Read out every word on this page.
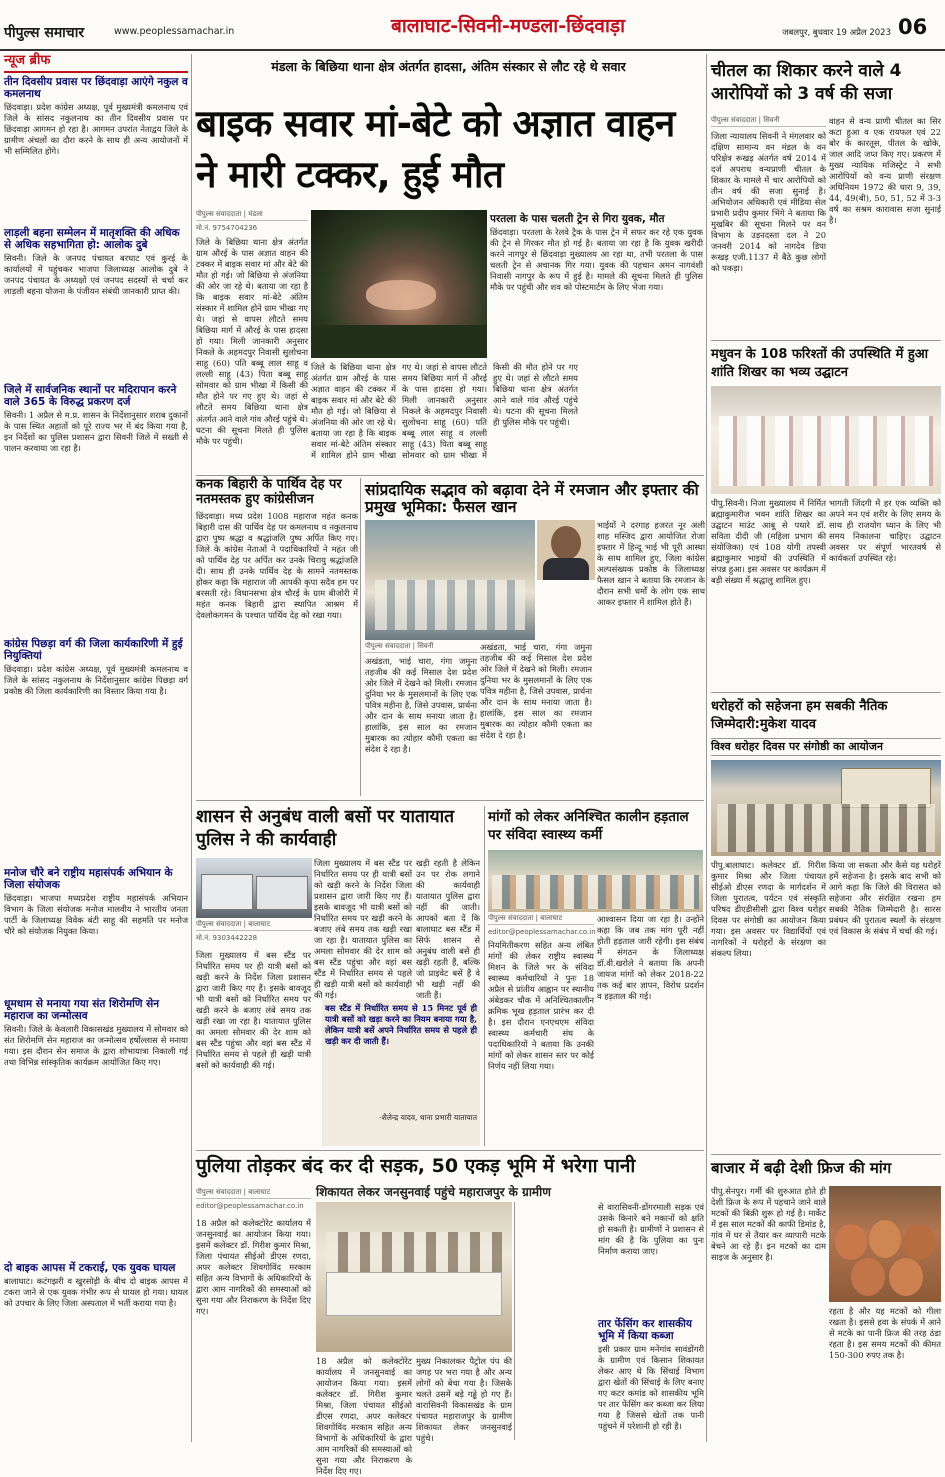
पीपुल्स समाचार	www.peoplessamachar.in	बालाघाट-सिवनी-मण्डला-छिंदवाड़ा	जबलपुर, बुधवार 19 अप्रैल 2023 06
न्यूज ब्रीफ
तीन दिवसीय प्रवास पर छिंदवाड़ा आएंगे नकुल व कमलनाथ
छिंदवाड़ा। प्रदेश कांग्रेस अध्यक्ष, पूर्व मुख्यमंत्री कमलनाथ एवं जिले के सांसद नकुलनाथ का तीन दिवसीय प्रवास पर छिंदवाड़ा आगमन हो रहा है। आगमन उपरांत नेताद्वय जिले के ग्रामीण अंचलों का दौरा करने के साथ ही अन्य आयोजनों में भी सम्मिलित होंगे।
लाड़ली बहना सम्मेलन में मातृशक्ति की अधिक से अधिक सहभागिता हो: आलोक दुबे
सिवनी। जिले के जनपद पंचायत बरघाट एवं कुरई के कार्यालयों में पहुंचकर भाजपा जिलाध्यक्ष आलोक दुबे ने जनपद पंचायत के अध्यक्षों एवं जनपद सदस्यों से चर्चा कर लाड़ली बहना योजना के पंजीयन संबंधी जानकारी प्राप्त की।
जिले में सार्वजनिक स्थानों पर मदिरापान करने वाले 365 के विरुद्ध प्रकरण दर्ज
सिवनी। 1 अप्रैल से म.प्र. शासन के निर्देशानुसार शराब दुकानों के पास स्थित अहातों को पूरे राज्य भर में बंद किया गया है, इन निर्देशों का पुलिस प्रशासन द्वारा सिवनी जिले में सख्ती से पालन करवाया जा रहा है।
कांग्रेस पिछड़ा वर्ग की जिला कार्यकारिणी में हुई नियुक्तियां
छिंदवाड़ा। प्रदेश कांग्रेस अध्यक्ष, पूर्व मुख्यमंत्री कमलनाथ व जिले के सांसद नकुलनाथ के निर्देशानुसार कांग्रेस पिछड़ा वर्ग प्रकोष्ठ की जिला कार्यकारिणी का विस्तार किया गया है।
मनोज चौरे बने राष्ट्रीय महासंपर्क अभियान के जिला संयोजक
छिंदवाड़ा। भाजपा मध्यप्रदेश राष्ट्रीय महासंपर्क अभियान विभाग के जिला संयोजक मनोज मालवीय ने भारतीय जनता पार्टी के जिलाध्यक्ष विवेक बंटी साहू की सहमति पर मनोज चौरे को संयोजक नियुक्त किया।
धूमधाम से मनाया गया संत शिरोमणि सेन महाराज का जन्मोत्सव
सिवनी। जिले के केवलारी विकासखंड मुख्यालय में सोमवार को संत शिरोमणि सेन महाराज का जन्मोत्सव हर्षोल्लास से मनाया गया। इस दौरान सेन समाज के द्वारा शोभायात्रा निकाली गई तथा विभिन्न सांस्कृतिक कार्यक्रम आयोजित किए गए।
दो बाइक आपस में टकराई, एक युवक घायल
बालाघाट। कटंगझरी व खुरसोड़ी के बीच दो बाइक आपस में टकरा जाने से एक युवक गंभीर रूप से घायल हो गया। घायल को उपचार के लिए जिला अस्पताल में भर्ती कराया गया है।
मंडला के बिछिया थाना क्षेत्र अंतर्गत हादसा, अंतिम संस्कार से लौट रहे थे सवार
बाइक सवार मां-बेटे को अज्ञात वाहन ने मारी टक्कर, हुई मौत
पीपुल्स संवाददाता | मंडला
मो.नं. 9754704236
जिले के बिछिया थाना क्षेत्र अंतर्गत ग्राम औरई के पास अज्ञात वाहन की टक्कर में बाइक सवार मां और बेटे की मौत हो गई। जो बिछिया से अंजनिया की ओर जा रहे थे। बताया जा रहा है कि बाइक सवार मां-बेटे अंतिम संस्कार में शामिल होने ग्राम भीखा गए थे। जहां से वापस लौटते समय बिछिया मार्ग में औरई के पास हादसा हो गया। मिली जानकारी अनुसार निकले के अहमदपुर निवासी सुलोचना साहू (60) पति बब्बू लाल साहू व लल्ली साहू (43) पिता बब्बू साहू सोमवार को ग्राम भीखा में किसी की मौत होने पर गए हुए थे। जहां से लौटते समय बिछिया थाना क्षेत्र अंतर्गत आने वाले गांव औरई पहुंचे थे। घटना की सूचना मिलते ही पुलिस मौके पर पहुंची।
जिले के बिछिया थाना क्षेत्र अंतर्गत ग्राम औरई के पास अज्ञात वाहन की टक्कर में बाइक सवार मां और बेटे की मौत हो गई। जो बिछिया से अंजनिया की ओर जा रहे थे। बताया जा रहा है कि बाइक सवार मां-बेटे अंतिम संस्कार में शामिल होने ग्राम भीखा गए थे। जहां से वापस लौटते समय बिछिया मार्ग में औरई के पास हादसा हो गया। मिली जानकारी अनुसार निकले के अहमदपुर निवासी सुलोचना साहू (60) पति बब्बू लाल साहू व लल्ली साहू (43) पिता बब्बू साहू सोमवार को ग्राम भीखा में किसी की मौत होने पर गए हुए थे। जहां से लौटते समय बिछिया थाना क्षेत्र अंतर्गत आने वाले गांव औरई पहुंचे थे। घटना की सूचना मिलते ही पुलिस मौके पर पहुंची।
परतला के पास चलती ट्रेन से गिरा युवक, मौत
छिंदवाड़ा। परतला के रेलवे ट्रैक के पास ट्रेन में सफर कर रहे एक युवक की ट्रेन से गिरकर मौत हो गई है। बताया जा रहा है कि युवक खरीदी करने नागपुर से छिंदवाड़ा मुख्यालय आ रहा था, तभी परतला के पास चलती ट्रेन से अचानक गिर गया। युवक की पहचान अमन नागवंशी निवासी नागपुर के रूप में हुई है। मामले की सूचना मिलते ही पुलिस मौके पर पहुंची और शव को पोस्टमार्टम के लिए भेजा गया।
कनक बिहारी के पार्थिव देह पर नतमस्तक हुए कांग्रेसीजन
छिंदवाड़ा। मध्य प्रदेश 1008 महाराज महंत कनक बिहारी दास की पार्थिव देह पर कमलनाथ व नकुलनाथ द्वारा पुष्प श्रद्धा व श्रद्धांजलि पुष्प अर्पित किए गए। जिले के कांग्रेस नेताओं ने पदाधिकारियों ने महंत जी को पार्थिव देह पर अर्पित कर उनके चिरायु श्रद्धांजलि दी। साथ ही उनके पार्थिव देह के सामने नतमस्तक होकर कहा कि महाराज जी आपकी कृपा सदैव हम पर बरसती रहे। विधानसभा क्षेत्र चौरई के ग्राम बीजोरी में महंत कनक बिहारी द्वारा स्थापित आश्रम में देवलोकगमन के पश्चात पार्थिव देह को रखा गया।
सांप्रदायिक सद्भाव को बढ़ावा देने में रमजान और इफ्तार की प्रमुख भूमिका: फैसल खान
पीपुल्स संवाददाता | सिवनी
अखंडता, भाई चारा, गंगा जमुना तहजीब की कई मिसाल देश प्रदेश ओर जिले में देखने को मिली। रमजान दुनिया भर के मुसलमानों के लिए एक पवित्र महीना है, जिसे उपवास, प्रार्थना और दान के साथ मनाया जाता है। हालांकि, इस साल का रमजान मुबारक का त्योहार कौमी एकता का संदेश दे रहा है।
अखंडता, भाई चारा, गंगा जमुना तहजीब की कई मिसाल देश प्रदेश ओर जिले में देखने को मिली। रमजान दुनिया भर के मुसलमानों के लिए एक पवित्र महीना है, जिसे उपवास, प्रार्थना और दान के साथ मनाया जाता है। हालांकि, इस साल का रमजान मुबारक का त्योहार कौमी एकता का संदेश दे रहा है।
भाईयों ने दरगाह हजरत नूर अली शाह मस्जिद द्वारा आयोजित रोजा इफ्तार में हिन्दू भाई भी पूरी आस्था के साथ शामिल हुए, जिला कांग्रेस अल्पसंख्यक प्रकोष्ठ के जिलाध्यक्ष फैसल खान ने बताया कि रमजान के दौरान सभी धर्मों के लोग एक साथ आकर इफ्तार में शामिल होते हैं।
शासन से अनुबंध वाली बसों पर यातायात पुलिस ने की कार्यवाही
पीपुल्स संवाददाता | बालाघाट
मो.नं. 9303442228
जिला मुख्यालय में बस स्टैंड पर निर्धारित समय पर ही यात्री बसों को खड़ी करने के निर्देश जिला प्रशासन द्वारा जारी किए गए हैं। इसके बावजूद भी यात्री बसों को निर्धारित समय पर खड़ी करने के बजाए लंबे समय तक खड़ी रखा जा रहा है। यातायात पुलिस का अमला सोमवार की देर शाम को बस स्टैंड पहुंचा और वहां बस स्टैंड में निर्धारित समय से पहले ही खड़ी यात्री बसों को कार्यवाही की गई।
जिला मुख्यालय में बस स्टैंड पर निर्धारित समय पर ही यात्री बसों को खड़ी करने के निर्देश जिला प्रशासन द्वारा जारी किए गए हैं। इसके बावजूद भी यात्री बसों को निर्धारित समय पर खड़ी करने के बजाए लंबे समय तक खड़ी रखा जा रहा है। यातायात पुलिस का अमला सोमवार की देर शाम को बस स्टैंड पहुंचा और वहां बस स्टैंड में निर्धारित समय से पहले ही खड़ी यात्री बसों को कार्यवाही की गई।
खड़ी रहती है लेकिन उन पर रोक लगाने की कार्यवाही यातायात पुलिस द्वारा नहीं की जाती। आपको बता दें कि बालाघाट बस स्टैंड में सिर्फ शासन से अनुबंध वाली बसें ही खड़ी रहती हैं, बल्कि जो प्राइवेट बसें हैं वे भी खड़ी नहीं की जाती हैं।
बस स्टैंड में निर्धारित समय से 15 मिनट पूर्व ही यात्री बसों को खड़ा करने का नियम बनाया गया है, लेकिन यात्री बसें अपने निर्धारित समय से पहले ही खड़ी कर दी जाती हैं।
-शैलेन्द्र यादव, थाना प्रभारी यातायात
मांगों को लेकर अनिश्चित कालीन हड़ताल पर संविदा स्वास्थ्य कर्मी
पीपुल्स संवाददाता | बालाघाट
editor@peoplessamachar.co.in
नियमितीकरण सहित अन्य लंबित मांगों की लेकर राष्ट्रीय स्वास्थ्य मिशन के जिले भर के संविदा स्वास्थ्य कर्मचारियों ने पुनः 18 अप्रैल से प्रांतीय आह्वान पर स्थानीय अंबेडकर चौक में अनिश्चितकालीन क्रमिक भूख हड़ताल प्रारंभ कर दी है। इस दौरान एनएचएम संविदा स्वास्थ्य कर्मचारी संघ के पदाधिकारियों ने बताया कि उनकी मांगों को लेकर शासन स्तर पर कोई निर्णय नहीं लिया गया।
आश्वासन दिया जा रहा है। उन्होंने कहा कि जब तक मांग पूरी नहीं होती हड़ताल जारी रहेगी। इस संबंध में संगठन के जिलाध्यक्ष डॉ.वी.खरोले ने बताया कि अपनी जायज मांगों को लेकर 2018-22 तक कई बार ज्ञापन, विरोध प्रदर्शन व हड़ताल की गई।
पुलिया तोड़कर बंद कर दी सड़क, 50 एकड़ भूमि में भरेगा पानी
पीपुल्स संवाददाता | बालाघाट
editor@peoplessamachar.co.in
शिकायत लेकर जनसुनवाई पहुंचे महाराजपुर के ग्रामीण
18 अप्रैल को कलेक्टोरेट कार्यालय में जनसुनवाई का आयोजन किया गया। इसमें कलेक्टर डॉ. गिरीश कुमार मिश्रा, जिला पंचायत सीईओ डीएस रणदा, अपर कलेक्टर शिवगोविंद मरकाम सहित अन्य विभागों के अधिकारियों के द्वारा आम नागरिकों की समस्याओं को सुना गया और निराकरण के निर्देश दिए गए।
18 अप्रैल को कलेक्टोरेट कार्यालय में जनसुनवाई का आयोजन किया गया। इसमें कलेक्टर डॉ. गिरीश कुमार मिश्रा, जिला पंचायत सीईओ डीएस रणदा, अपर कलेक्टर शिवगोविंद मरकाम सहित अन्य विभागों के अधिकारियों के द्वारा आम नागरिकों की समस्याओं को सुना गया और निराकरण के निर्देश दिए गए।
मुख्य निकालकर पैट्रोल पंप की जगह पर भरा गया है और अन्य लोगों को बेचा गया है। जिसके चलते उसमें बड़े गड्ढे हो गए हैं। वारासिवनी विकासखंड के ग्राम पंचायत महाराजपुर के ग्रामीण शिकायत लेकर जनसुनवाई पहुंचे।
से वारासिवनी-डोंगरमाली सड़क एवं उसके किनारे बने मकानों को क्षति हो सकती है। ग्रामीणों ने प्रशासन से मांग की है कि पुलिया का पुनः निर्माण कराया जाए।
तार फेंसिंग कर शासकीय भूमि में किया कब्जा
इसी प्रकार ग्राम मनेगांव सावंडोंगरी के ग्रामीण एवं किसान शिकायत लेकर आए थे कि सिंचाई विभाग द्वारा खेतों की सिंचाई के लिए बनाए गए कटर कमांड को शासकीय भूमि पर तार फेंसिंग कर कब्जा कर लिया गया है जिससे खेतों तक पानी पहुंचने में परेशानी हो रही है।
चीतल का शिकार करने वाले 4 आरोपियों को 3 वर्ष की सजा
पीपुल्स संवाददाता | सिवनी
जिला न्यायालय सिवनी ने मंगलवार को दक्षिण सामान्य वन मंडल के वन परिक्षेत्र रूखड़ अंतर्गत वर्ष 2014 में दर्ज अपराध वन्यप्राणी चीतल के शिकार के मामले में चार आरोपियों को तीन वर्ष की सजा सुनाई है। अभियोजन अधिकारी एवं मीडिया सेल प्रभारी प्रदीप कुमार भिंगे ने बताया कि मुखबिर की सूचना मिलने पर वन विभाग के उड़नदस्ता दल ने 20 जनवरी 2014 को नागदेव डिपा रूखड़ एजी.1137 में बैठे कुछ लोगों को पकड़ा।
वाहन से वन्य प्राणी चीतल का सिर कटा हुआ व एक रायफल एवं 22 बोर के कारतूस, पीतल के खोके, जाल आदि जप्त किए गए। प्रकरण में मुख्य न्यायिक मजिस्ट्रेट ने सभी आरोपियों को वन्य प्राणी संरक्षण अधिनियम 1972 की धारा 9, 39, 44, 49(बी), 50, 51, 52 में 3-3 वर्ष का सश्रम कारावास सजा सुनाई है।
मधुवन के 108 फरिश्तों की उपस्थिति में हुआ शांति शिखर का भव्य उद्घाटन
पीपु.सिवनी। निजा मुख्यालय में निर्मित ब्रह्माकुमारीज भवन शांति शिखर का उद्घाटन माउंट आबू से पधारे डॉ. सविता दीदी जी (महिला प्रभाग की संयोजिका) एवं 108 योगी तपस्वी ब्रह्माकुमार भाइयों की उपस्थिति में संपन्न हुआ। इस अवसर पर कार्यक्रम में बड़ी संख्या में श्रद्धालु शामिल हुए।
भागती जिंदगी में हर एक व्यक्ति को अपने मन एवं शरीर के लिए समय के साथ ही राजयोग ध्यान के लिए भी समय निकालना चाहिए। उद्घाटन अवसर पर संपूर्ण भारतवर्ष से कार्यकर्ता उपस्थित रहे।
धरोहरों को सहेजना हम सबकी नैतिक जिम्मेदारी:मुकेश यादव
विश्व धरोहर दिवस पर संगोष्ठी का आयोजन
पीपु.बालाघाट। कलेक्टर डॉ. गिरीश कुमार मिश्रा और जिला पंचायत सीईओ डीएस रणदा के मार्गदर्शन में जिला पुरातत्व, पर्यटन एवं संस्कृति परिषद डीएडीसीसी द्वारा विश्व धरोहर दिवस पर संगोष्ठी का आयोजन किया गया। इस अवसर पर विद्यार्थियों एवं नागरिकों ने धरोहरों के संरक्षण का संकल्प लिया।
किया जा सकता और कैसे यह धरोहरें हमें सहेजना है। इसके बाद सभी को आगे कहा कि जिले की विरासत को सहेजना और संरक्षित रखना हम सबकी नैतिक जिम्मेदारी है। सारस प्रबंधन की पुरातत्व स्थलों के संरक्षण एवं विकास के संबंध में चर्चा की गई।
बाजार में बढ़ी देशी फ्रिज की मांग
पीपु.सेनपुर। गर्मी की शुरुआत होते ही देशी फ्रिज के रूप में पहचाने जाने वाले मटकों की बिक्री शुरू हो गई है। मार्केट में इस साल मटकों की काफी डिमांड है, गांव में घर से तैयार कर व्यापारी मटके बेचने आ रहे हैं। इन मटकों का दाम साइज के अनुसार है।
रहता है और यह मटकों को गीला रखता है। इससे हवा के संपर्क में आने से मटके का पानी फ्रिज की तरह ठंडा रहता है। इस समय मटकों की कीमत 150-300 रुपए तक है।
